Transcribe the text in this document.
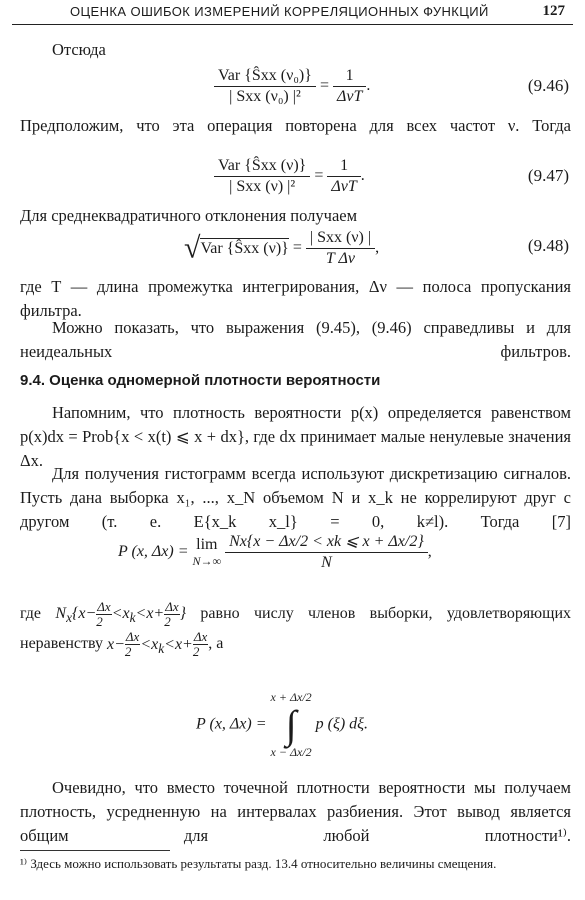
ОЦЕНКА ОШИБОК ИЗМЕРЕНИЙ КОРРЕЛЯЦИОННЫХ ФУНКЦИЙ	127
Отсюда
$\frac{\text{Var \{Ŝxx (ν₀)\}}}{\text{| Sxx (ν₀) |²}} = \frac{1}{\text{ΔνT}}$ .	(9.46)
Предположим, что эта операция повторена для всех частот ν. Тогда
$\frac{\text{Var \{Ŝxx (ν)\}}}{\text{| Sxx (ν) |²}} = \frac{1}{\text{ΔνT}}$ .	(9.47)
Для среднеквадратичного отклонения получаем
√Var {Ŝxx $(\nu)\} = \frac{\text{| Sxx (ν) |}}{\text{T Δν}}$ ,	(9.48)
где T — длина промежутка интегрирования, Δν — полоса пропускания фильтра.
Можно показать, что выражения (9.45), (9.46) справедливы и для неидеальных фильтров.
9.4. Оценка одномерной плотности вероятности
Напомним, что плотность вероятности p(x) определяется равенством p(x)dx = Prob{x < x(t) ⩽ x + dx}, где dx принимает малые ненулевые значения Δx.
Для получения гистограмм всегда используют дискретизацию сигналов. Пусть дана выборка x₁, ..., x_N объемом N и x_k не коррелируют друг с другом (т. е. E{x_k x_l} = 0, k≠l). Тогда [7]
P (x, Δx) = lim
N→∞
$\frac{Nx\{x - \Delta x/2 < xk ⩽ x + \Delta x/2\}}{N}$ ,
где $N_x\{x- \frac{\Delta x}{2} <x_k<x+ \frac{\Delta x}{2}$ } равно числу членов выборки, удовлетворяющих неравенству $x- \frac{\Delta x}{2} <x_k<x+ \frac{\Delta x}{2}$ , а
P (x, Δx) =
x + Δx/2
∫
x − Δx/2
p (ξ) dξ.
Очевидно, что вместо точечной плотности вероятности мы получаем плотность, усредненную на интервалах разбиения. Этот вывод является общим для любой плотности¹⁾.
¹⁾ Здесь можно использовать результаты разд. 13.4 относительно величины смещения.
